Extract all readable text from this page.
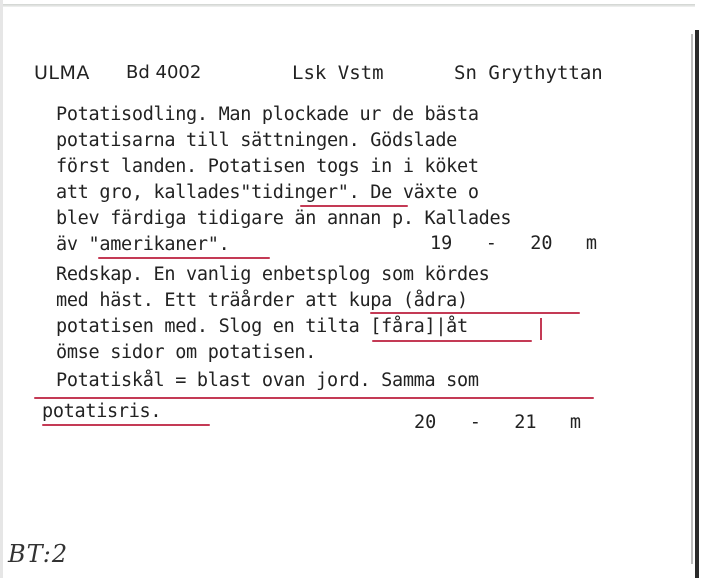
ULMA

Bd 4002

	Lsk Vstm

	Sn Grythyttan

Potatisodling. Man plockade ur de bästa
potatisarna till sättningen. Gödslade
först landen. Potatisen togs in i köket
att gro, kallades"tidinger". De växte o
blev färdiga tidigare än annan p. Kallades
äv "amerikaner".	19   -   20   m
Redskap. En vanlig enbetsplog som kördes
med häst. Ett träårder att kupa (ådra)
potatisen med. Slog en tilta [fåra]|åt
ömse sidor om potatisen.
Potatiskål = blast ovan jord. Samma som
potatisris.
20   -   21   m
BT:2
